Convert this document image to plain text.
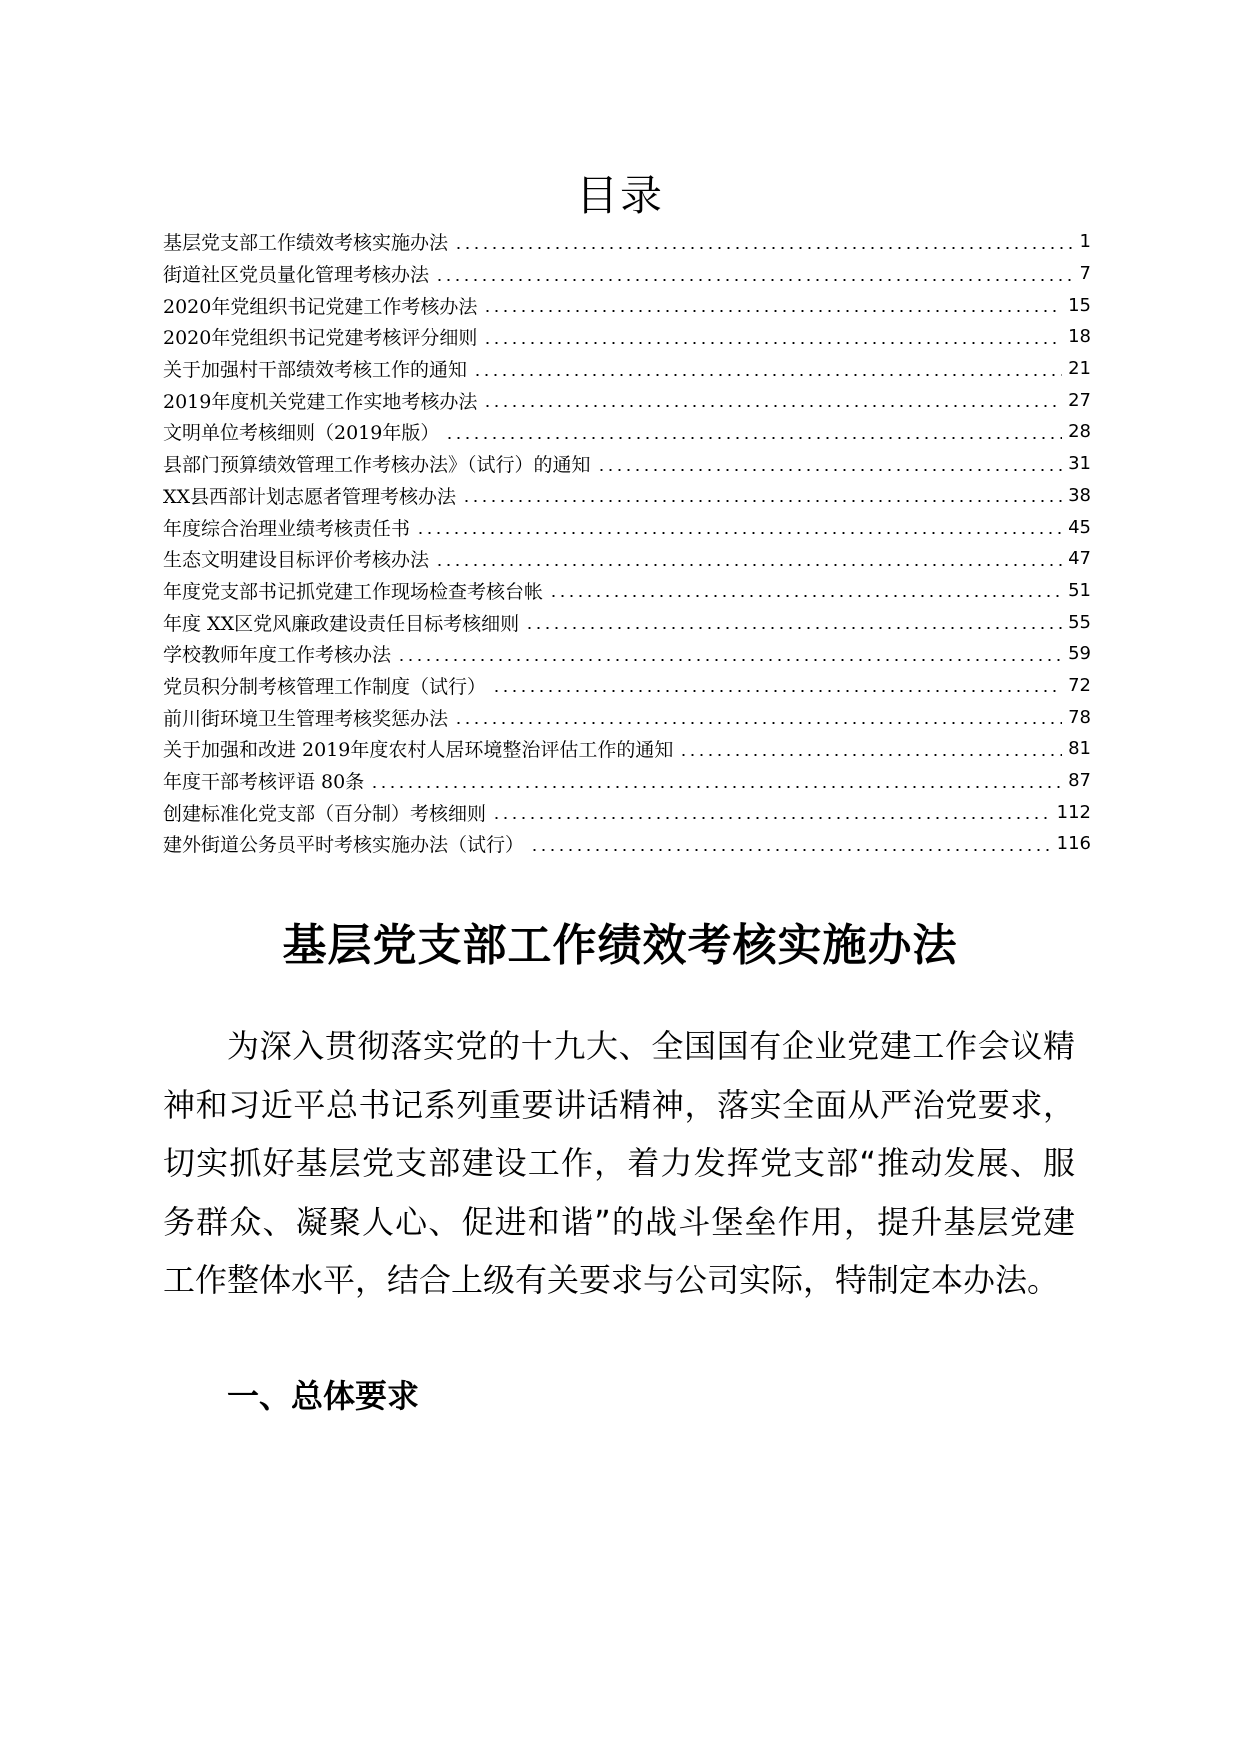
目录
基层党支部工作绩效考核实施办法	1
街道社区党员量化管理考核办法	7
2020年党组织书记党建工作考核办法	15
2020年党组织书记党建考核评分细则	18
关于加强村干部绩效考核工作的通知	21
2019年度机关党建工作实地考核办法	27
文明单位考核细则（2019年版）	28
县部门预算绩效管理工作考核办法》（试行）的通知	31
XX县西部计划志愿者管理考核办法	38
年度综合治理业绩考核责任书	45
生态文明建设目标评价考核办法	47
年度党支部书记抓党建工作现场检查考核台帐	51
年度 XX区党风廉政建设责任目标考核细则	55
学校教师年度工作考核办法	59
党员积分制考核管理工作制度（试行）	72
前川街环境卫生管理考核奖惩办法	78
关于加强和改进 2019年度农村人居环境整治评估工作的通知	81
年度干部考核评语 80条	87
创建标准化党支部（百分制）考核细则	112
建外街道公务员平时考核实施办法（试行）	116
基层党支部工作绩效考核实施办法

为深入贯彻落实党的十九大、全国国有企业党建工作会议精神和习近平总书记系列重要讲话精神，落实全面从严治党要求，切实抓好基层党支部建设工作，着力发挥党支部“推动发展、服务群众、凝聚人心、促进和谐”的战斗堡垒作用，提升基层党建工作整体水平，结合上级有关要求与公司实际，特制定本办法。

一、总体要求
